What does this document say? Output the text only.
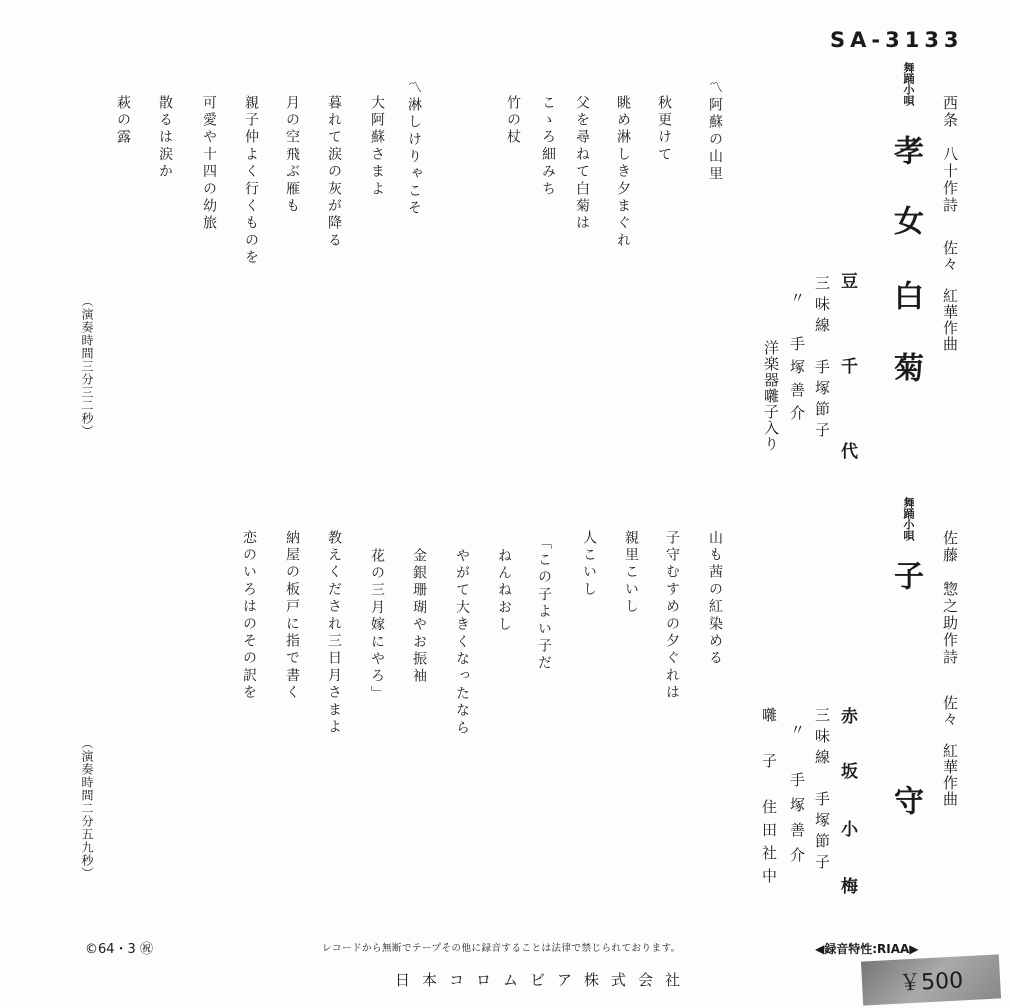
SA-3133
西条　八十作詩
佐々　紅華作曲
舞踊小唄
孝
女
白
菊
豆
千
代
三味線　手塚節子
〃　手塚善介
洋楽器囃子入り
〽阿蘇の山里
秋更けて
眺め淋しき夕まぐれ
父を尋ねて白菊は
こゝろ細みち
竹の杖
〽淋しけりゃこそ
大阿蘇さまよ
暮れて涙の灰が降る
月の空飛ぶ雁も
親子仲よく行くものを
可愛や十四の幼旅
散るは涙か
萩の露
（演奏時間三分三二秒）
佐藤　惣之助作詩
佐々　紅華作曲
舞踊小唄
子
守
赤
坂
小
梅
三味線　手塚節子
〃　手塚善介
囃　子　住田社中
山も茜の紅染める
子守むすめの夕ぐれは
親里こいし
人こいし
「この子よい子だ
ねんねおし
やがて大きくなったなら
金銀珊瑚やお振袖
花の三月嫁にやろ」
教えくだされ三日月さまよ
納屋の板戸に指で書く
恋のいろはのその訳を
（演奏時間二分五九秒）
©64・3 ㊗	レコードから無断でテープその他に録音することは法律で禁じられております。	◀録音特性:RIAA▶
日本コロムビア株式会社	￥500
